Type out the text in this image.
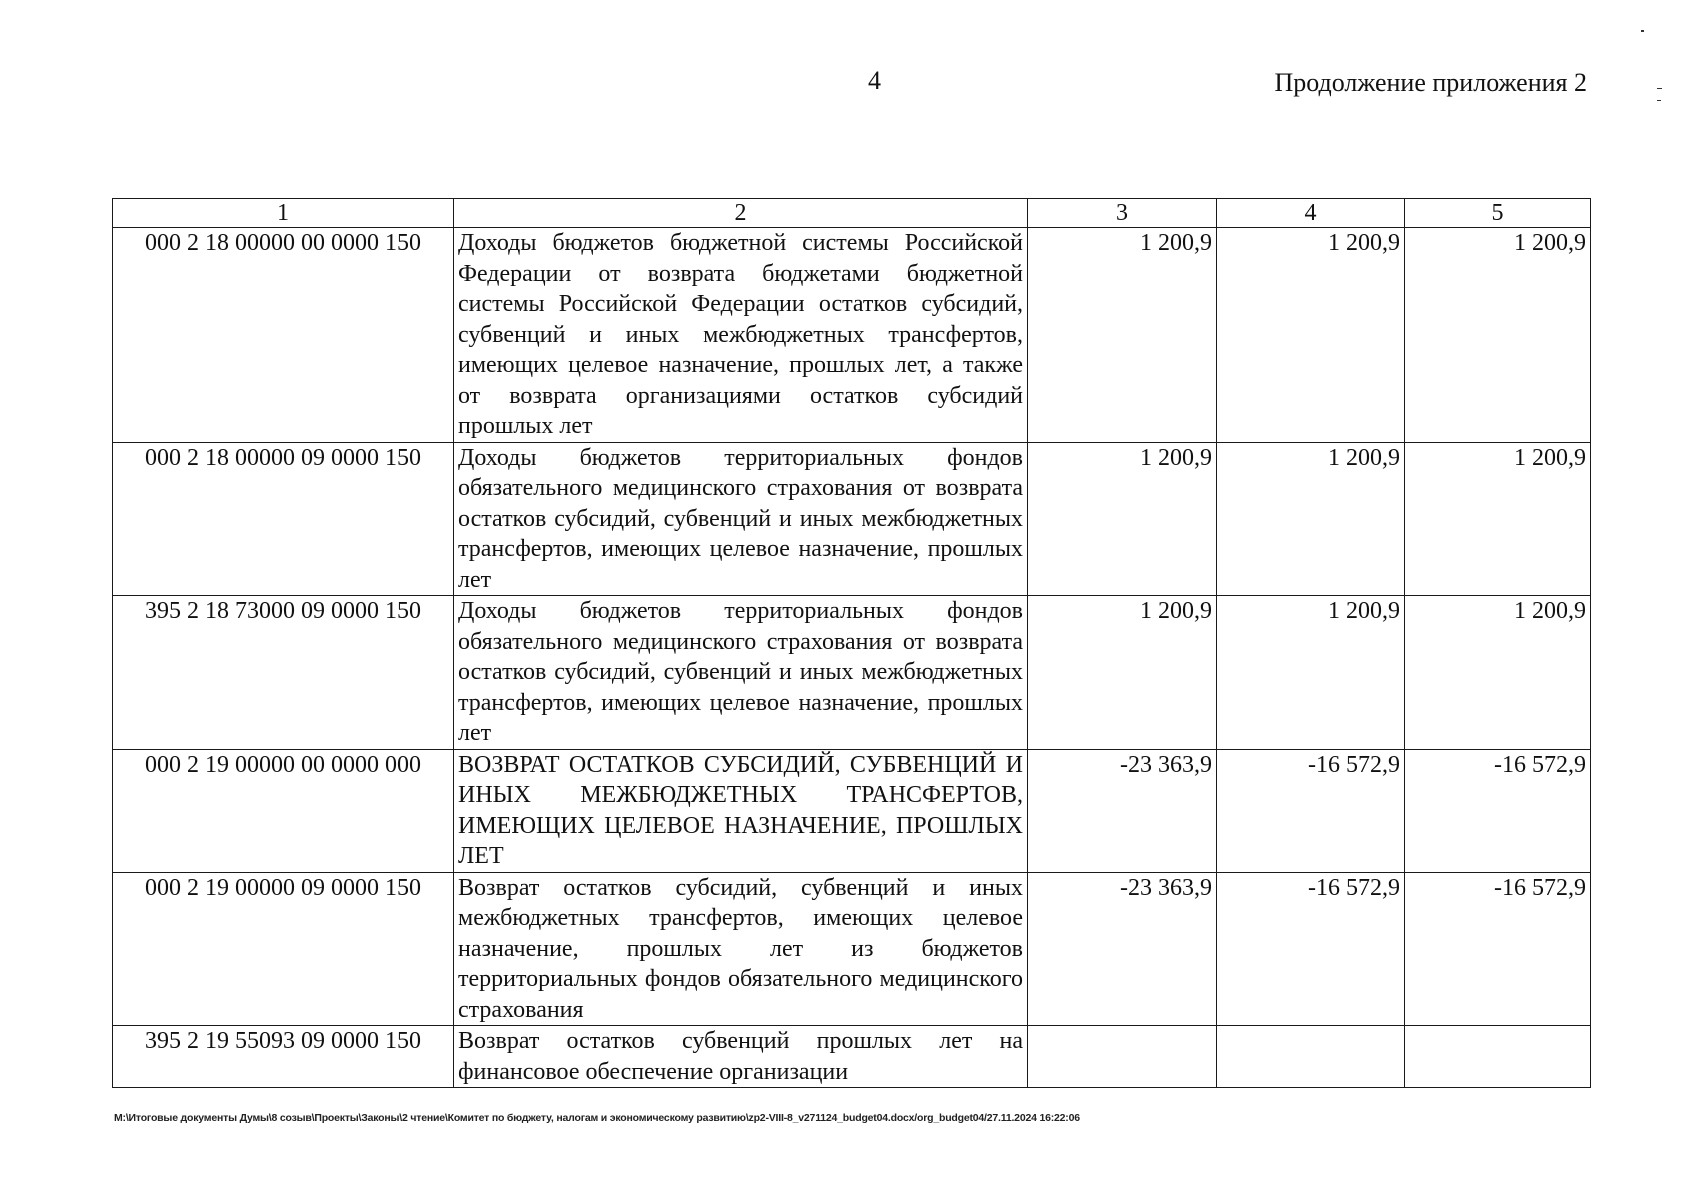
4	Продолжение приложения 2
1	2	3	4	5
000 2 18 00000 00 0000 150	Доходы бюджетов бюджетной системы Российской Федерации от возврата бюджетами бюджетной системы Российской Федерации остатков субсидий, субвенций и иных межбюджетных трансфертов, имеющих целевое назначение, прошлых лет, а также от возврата организациями остатков субсидий прошлых лет	1 200,9	1 200,9	1 200,9
000 2 18 00000 09 0000 150	Доходы бюджетов территориальных фондов обязательного медицинского страхования от возврата остатков субсидий, субвенций и иных межбюджетных трансфертов, имеющих целевое назначение, прошлых лет	1 200,9	1 200,9	1 200,9
395 2 18 73000 09 0000 150	Доходы бюджетов территориальных фондов обязательного медицинского страхования от возврата остатков субсидий, субвенций и иных межбюджетных трансфертов, имеющих целевое назначение, прошлых лет	1 200,9	1 200,9	1 200,9
000 2 19 00000 00 0000 000	ВОЗВРАТ ОСТАТКОВ СУБСИДИЙ, СУБВЕНЦИЙ И ИНЫХ МЕЖБЮДЖЕТНЫХ ТРАНСФЕРТОВ, ИМЕЮЩИХ ЦЕЛЕВОЕ НАЗНАЧЕНИЕ, ПРОШЛЫХ ЛЕТ	-23 363,9	-16 572,9	-16 572,9
000 2 19 00000 09 0000 150	Возврат остатков субсидий, субвенций и иных межбюджетных трансфертов, имеющих целевое назначение, прошлых лет из бюджетов территориальных фондов обязательного медицинского страхования	-23 363,9	-16 572,9	-16 572,9
395 2 19 55093 09 0000 150	Возврат остатков субвенций прошлых лет на финансовое обеспечение организации			
M:\Итоговые документы Думы\8 созыв\Проекты\Законы\2 чтение\Комитет по бюджету, налогам и экономическому развитию\zp2-VIII-8_v271124_budget04.docx/org_budget04/27.11.2024 16:22:06
